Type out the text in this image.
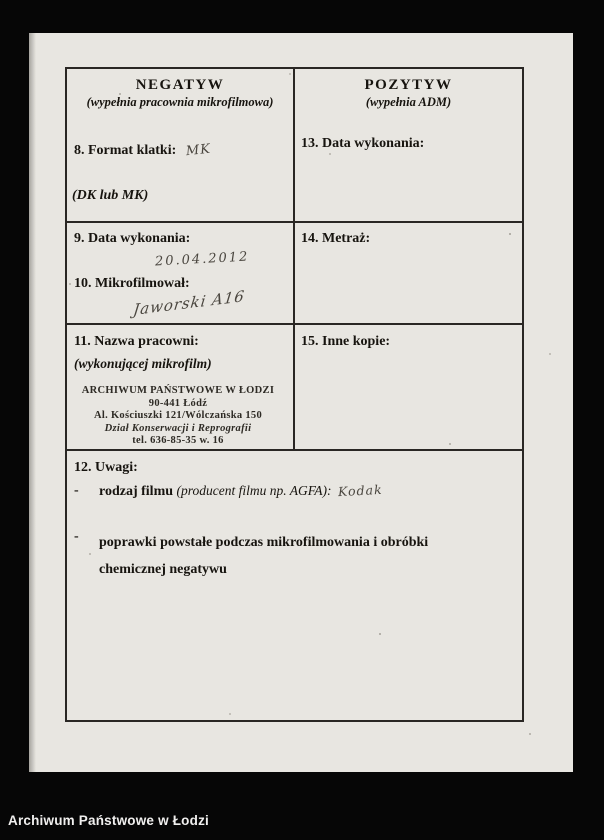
NEGATYW
(wypełnia pracownia mikrofilmowa)
8. Format klatki: MK
(DK lub MK)
POZYTYW
(wypełnia ADM)
13. Data wykonania:
9. Data wykonania:
20.04.2012
10. Mikrofilmował:
Jaworski A16
14. Metraż:
11. Nazwa pracowni:
(wykonującej mikrofilm)
ARCHIWUM PAŃSTWOWE W ŁODZI
90-441 Łódź
Al. Kościuszki 121/Wólczańska 150
Dział Konserwacji i Reprografii
tel. 636-85-35 w. 16
15. Inne kopie:
12. Uwagi:
- rodzaj filmu (producent filmu np. AGFA): Kodak
- poprawki powstałe podczas mikrofilmowania i obróbki chemicznej negatywu
Archiwum Państwowe w Łodzi
